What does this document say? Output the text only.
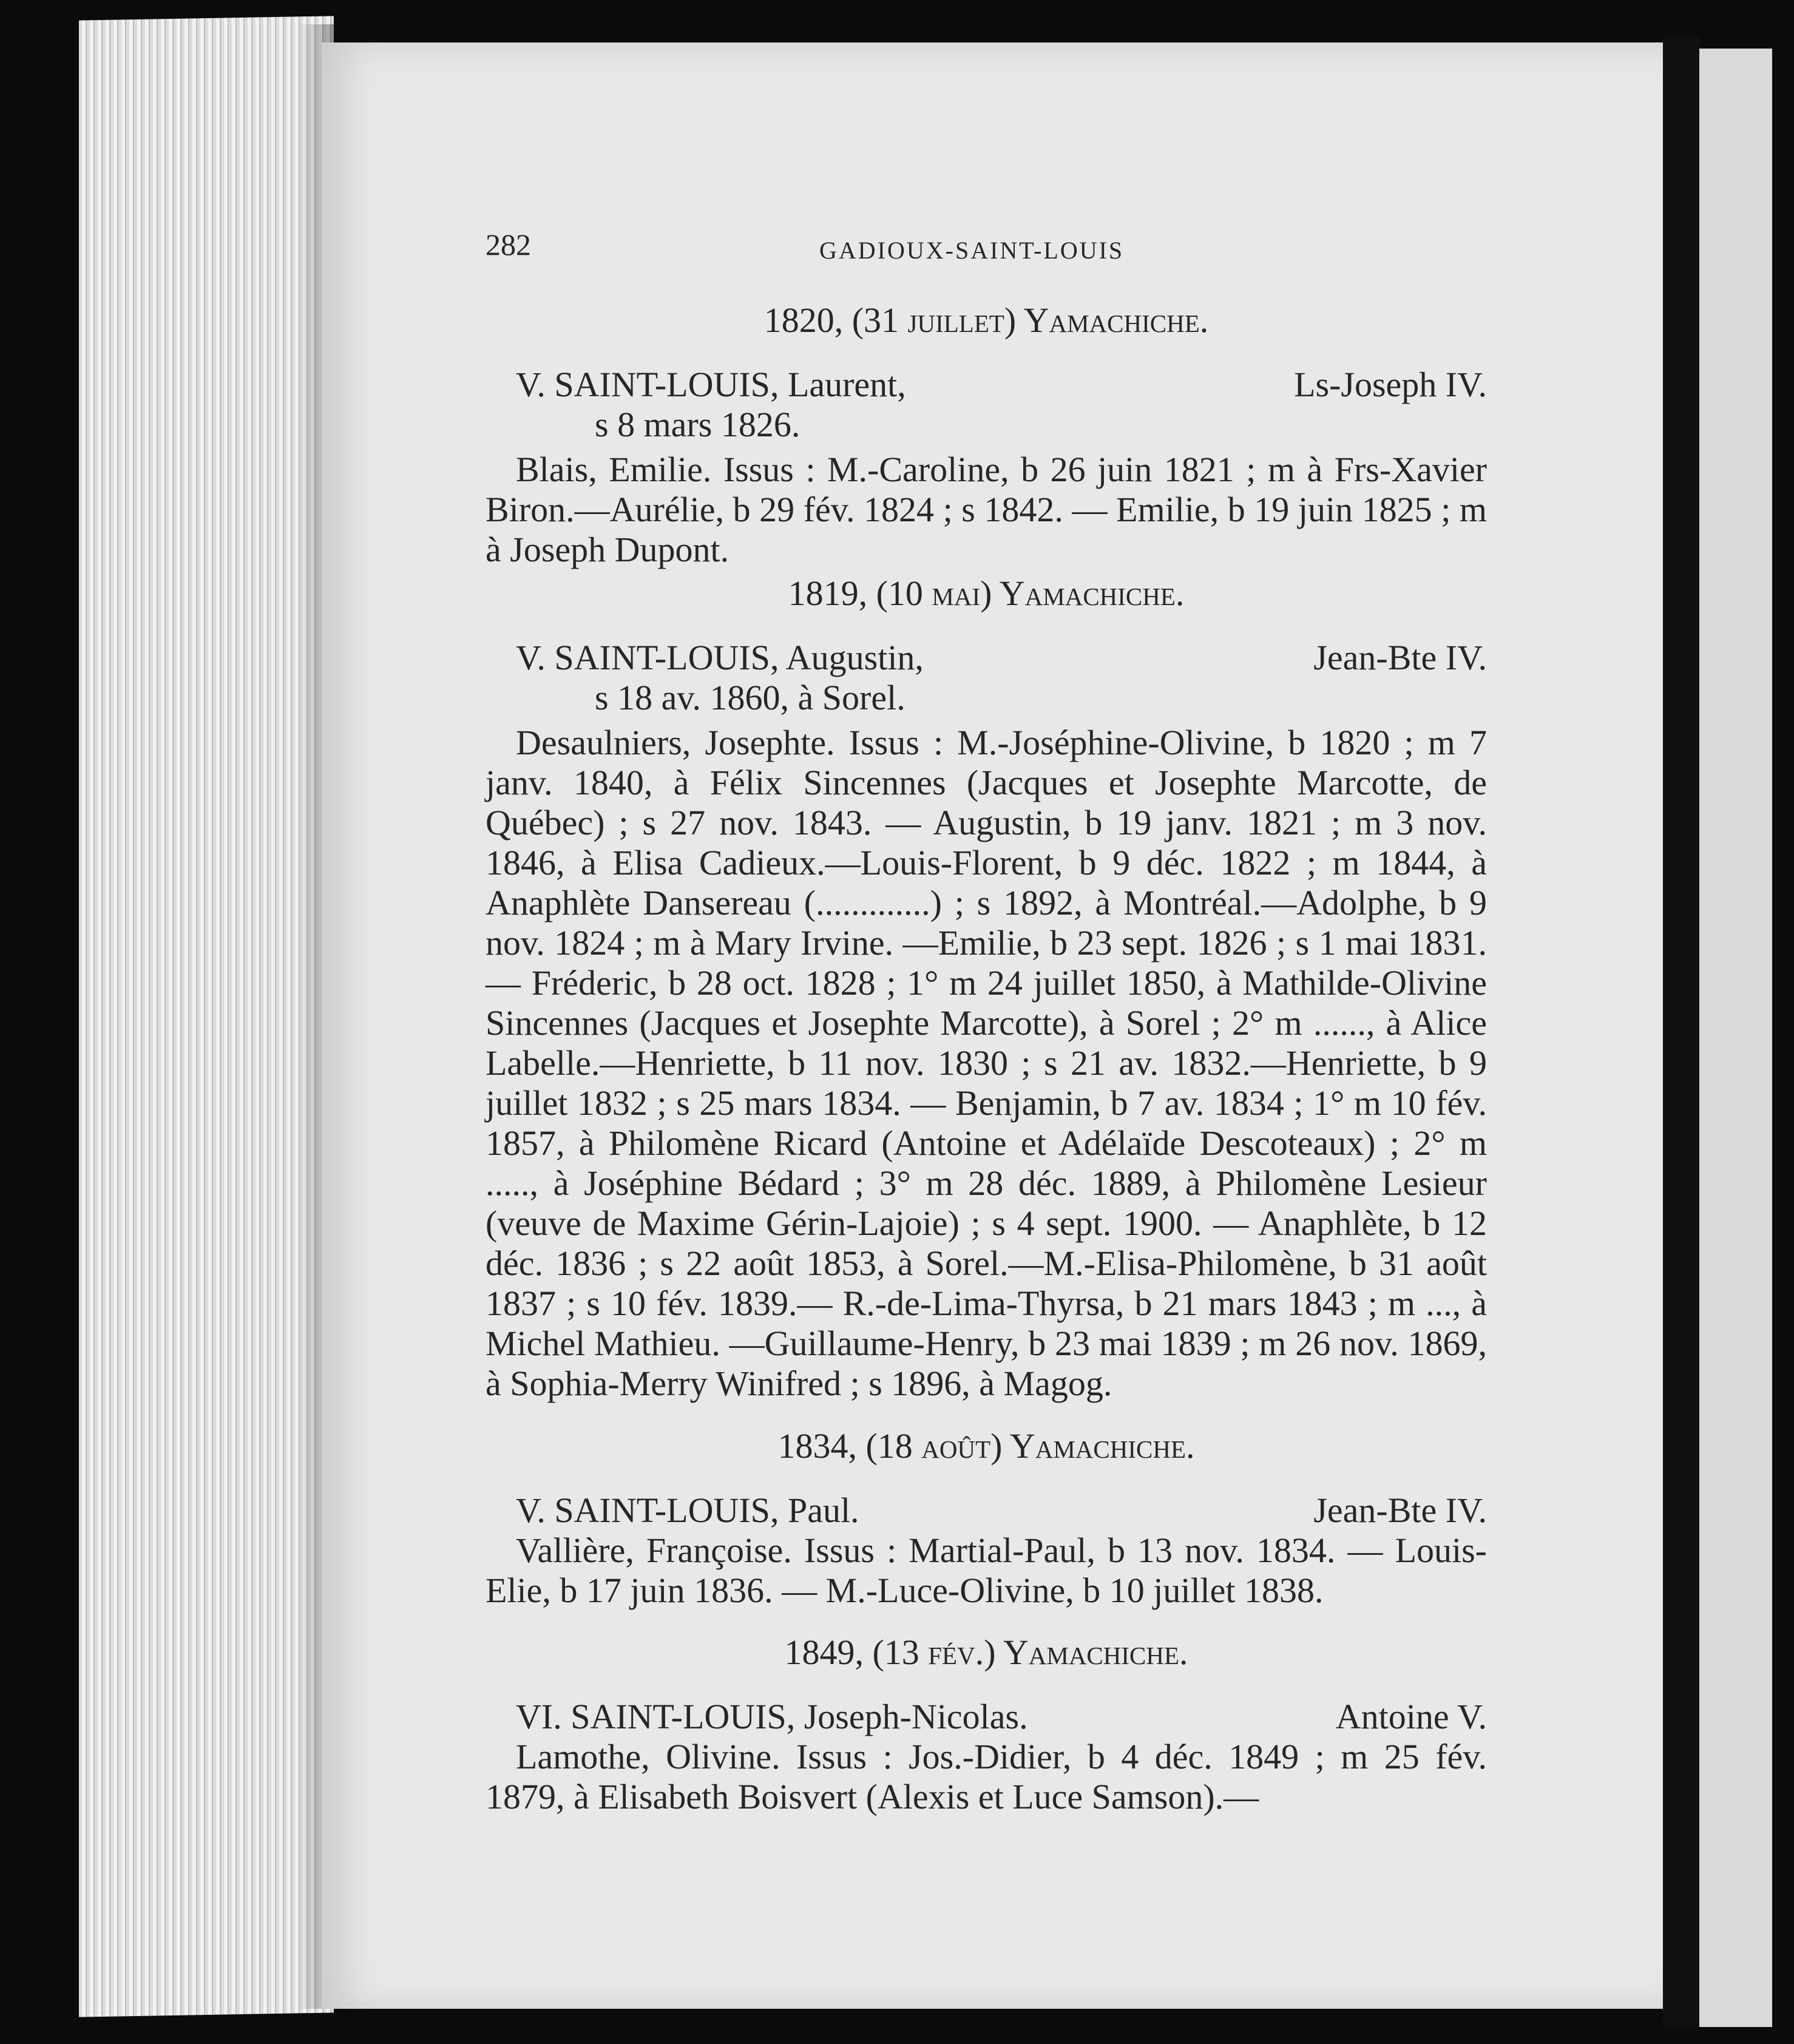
282	GADIOUX-SAINT-LOUIS
1820, (31 juillet) Yamachiche.
V. SAINT-LOUIS, Laurent,	Ls-Joseph IV.
s 8 mars 1826.
Blais, Emilie. Issus : M.-Caroline, b 26 juin 1821 ; m à Frs-Xavier Biron.—Aurélie, b 29 fév. 1824 ; s 1842. — Emilie, b 19 juin 1825 ; m à Joseph Dupont.
1819, (10 mai) Yamachiche.
V. SAINT-LOUIS, Augustin,	Jean-Bte IV.
s 18 av. 1860, à Sorel.
Desaulniers, Josephte. Issus : M.-Joséphine-Olivine, b 1820 ; m 7 janv. 1840, à Félix Sincennes (Jacques et Josephte Marcotte, de Québec) ; s 27 nov. 1843. — Augustin, b 19 janv. 1821 ; m 3 nov. 1846, à Elisa Cadieux.—Louis-Florent, b 9 déc. 1822 ; m 1844, à Anaphlète Dansereau (.............) ; s 1892, à Montréal.—Adolphe, b 9 nov. 1824 ; m à Mary Irvine. —Emilie, b 23 sept. 1826 ; s 1 mai 1831. — Fréderic, b 28 oct. 1828 ; 1° m 24 juillet 1850, à Mathilde-Olivine Sincennes (Jacques et Josephte Marcotte), à Sorel ; 2° m ......, à Alice Labelle.—Henriette, b 11 nov. 1830 ; s 21 av. 1832.—Henriette, b 9 juillet 1832 ; s 25 mars 1834. — Benjamin, b 7 av. 1834 ; 1° m 10 fév. 1857, à Philomène Ricard (Antoine et Adélaïde Descoteaux) ; 2° m ....., à Joséphine Bédard ; 3° m 28 déc. 1889, à Philomène Lesieur (veuve de Maxime Gérin-Lajoie) ; s 4 sept. 1900. — Anaphlète, b 12 déc. 1836 ; s 22 août 1853, à Sorel.—M.-Elisa-Philomène, b 31 août 1837 ; s 10 fév. 1839.— R.-de-Lima-Thyrsa, b 21 mars 1843 ; m ..., à Michel Mathieu. —Guillaume-Henry, b 23 mai 1839 ; m 26 nov. 1869, à Sophia-Merry Winifred ; s 1896, à Magog.
1834, (18 août) Yamachiche.
V. SAINT-LOUIS, Paul.	Jean-Bte IV.
Vallière, Françoise. Issus : Martial-Paul, b 13 nov. 1834. — Louis-Elie, b 17 juin 1836. — M.-Luce-Olivine, b 10 juillet 1838.
1849, (13 fév.) Yamachiche.
VI. SAINT-LOUIS, Joseph-Nicolas.	Antoine V.
Lamothe, Olivine. Issus : Jos.-Didier, b 4 déc. 1849 ; m 25 fév. 1879, à Elisabeth Boisvert (Alexis et Luce Samson).—
